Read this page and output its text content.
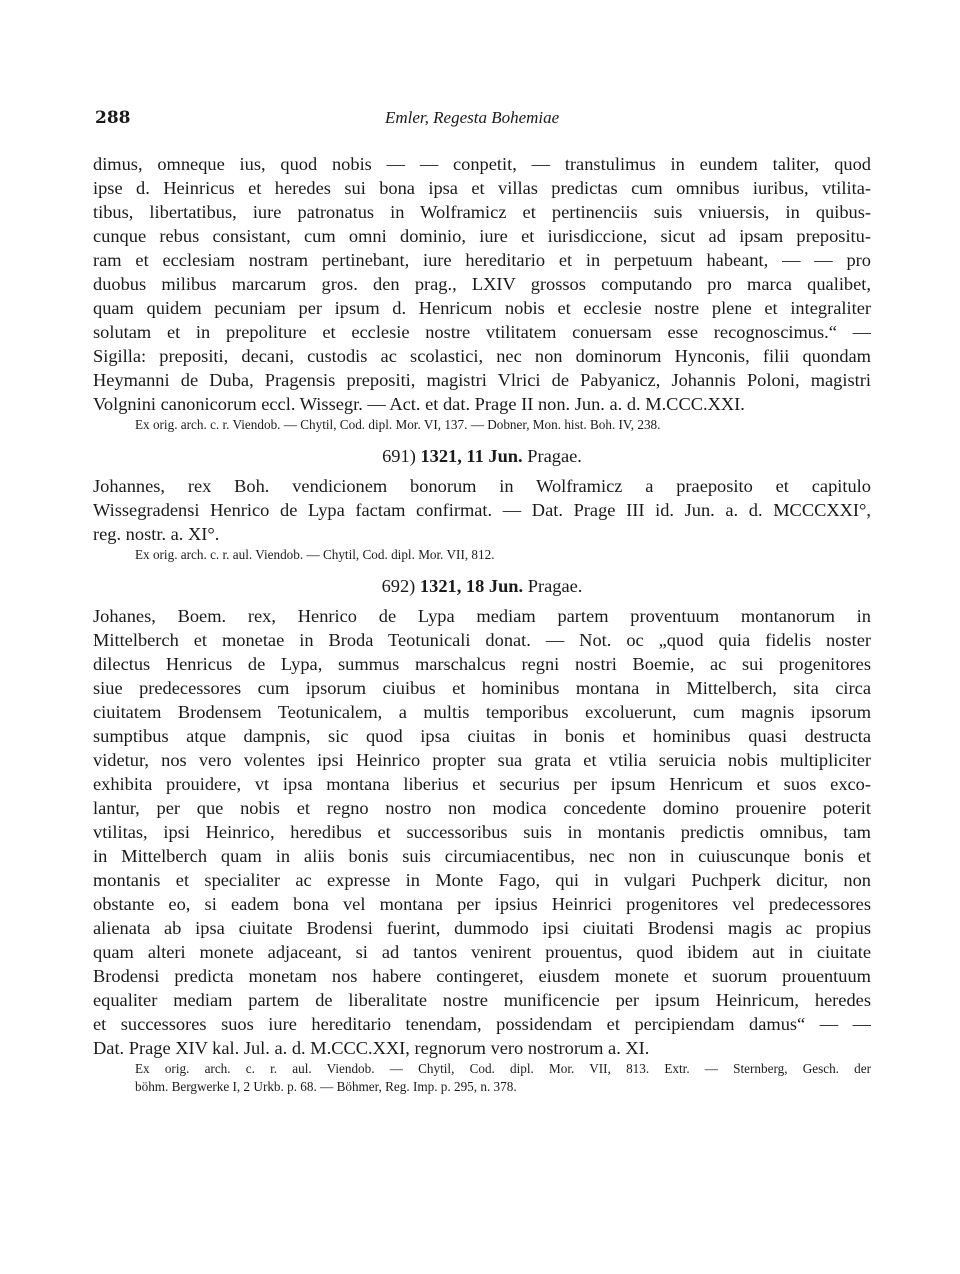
288	Emler, Regesta Bohemiae
dimus, omneque ius, quod nobis — — conpetit, — transtulimus in eundem taliter, quod
ipse d. Heinricus et heredes sui bona ipsa et villas predictas cum omnibus iuribus, vtilita-
tibus, libertatibus, iure patronatus in Wolframicz et pertinenciis suis vniuersis, in quibus-
cunque rebus consistant, cum omni dominio, iure et iurisdiccione, sicut ad ipsam prepositu-
ram et ecclesiam nostram pertinebant, iure hereditario et in perpetuum habeant, — — pro
duobus milibus marcarum gros. den prag., LXIV grossos computando pro marca qualibet,
quam quidem pecuniam per ipsum d. Henricum nobis et ecclesie nostre plene et integraliter
solutam et in prepoliture et ecclesie nostre vtilitatem conuersam esse recognoscimus.“ —
Sigilla: prepositi, decani, custodis ac scolastici, nec non dominorum Hynconis, filii quondam
Heymanni de Duba, Pragensis prepositi, magistri Vlrici de Pabyanicz, Johannis Poloni, magistri
Volgnini canonicorum eccl. Wissegr. — Act. et dat. Prage II non. Jun. a. d. M.CCC.XXI.
Ex orig. arch. c. r. Viendob. — Chytil, Cod. dipl. Mor. VI, 137. — Dobner, Mon. hist. Boh. IV, 238.
691) 1321, 11 Jun. Pragae.
Johannes, rex Boh. vendicionem bonorum in Wolframicz a praeposito et capitulo
Wissegradensi Henrico de Lypa factam confirmat. — Dat. Prage III id. Jun. a. d. MCCCXXI°,
reg. nostr. a. XI°.
Ex orig. arch. c. r. aul. Viendob. — Chytil, Cod. dipl. Mor. VII, 812.
692) 1321, 18 Jun. Pragae.
Johanes, Boem. rex, Henrico de Lypa mediam partem proventuum montanorum in
Mittelberch et monetae in Broda Teotunicali donat. — Not. oc „quod quia fidelis noster
dilectus Henricus de Lypa, summus marschalcus regni nostri Boemie, ac sui progenitores
siue predecessores cum ipsorum ciuibus et hominibus montana in Mittelberch, sita circa
ciuitatem Brodensem Teotunicalem, a multis temporibus excoluerunt, cum magnis ipsorum
sumptibus atque dampnis, sic quod ipsa ciuitas in bonis et hominibus quasi destructa
videtur, nos vero volentes ipsi Heinrico propter sua grata et vtilia seruicia nobis multipliciter
exhibita prouidere, vt ipsa montana liberius et securius per ipsum Henricum et suos exco-
lantur, per que nobis et regno nostro non modica concedente domino prouenire poterit
vtilitas, ipsi Heinrico, heredibus et successoribus suis in montanis predictis omnibus, tam
in Mittelberch quam in aliis bonis suis circumiacentibus, nec non in cuiuscunque bonis et
montanis et specialiter ac expresse in Monte Fago, qui in vulgari Puchperk dicitur, non
obstante eo, si eadem bona vel montana per ipsius Heinrici progenitores vel predecessores
alienata ab ipsa ciuitate Brodensi fuerint, dummodo ipsi ciuitati Brodensi magis ac propius
quam alteri monete adjaceant, si ad tantos venirent prouentus, quod ibidem aut in ciuitate
Brodensi predicta monetam nos habere contingeret, eiusdem monete et suorum prouentuum
equaliter mediam partem de liberalitate nostre munificencie per ipsum Heinricum, heredes
et successores suos iure hereditario tenendam, possidendam et percipiendam damus“ — —
Dat. Prage XIV kal. Jul. a. d. M.CCC.XXI, regnorum vero nostrorum a. XI.
Ex orig. arch. c. r. aul. Viendob. — Chytil, Cod. dipl. Mor. VII, 813. Extr. — Sternberg, Gesch. der
böhm. Bergwerke I, 2 Urkb. p. 68. — Böhmer, Reg. Imp. p. 295, n. 378.
